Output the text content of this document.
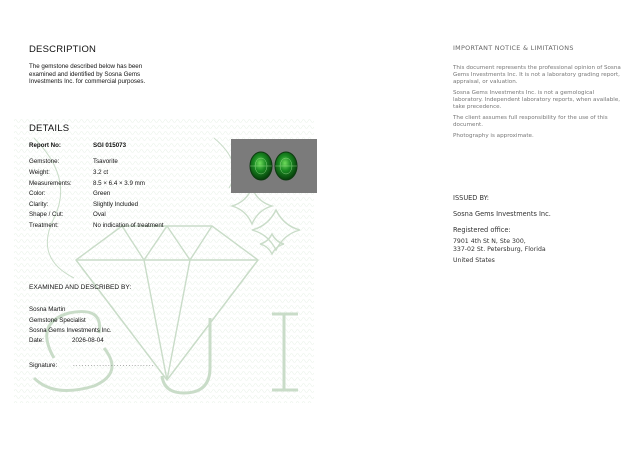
DESCRIPTION
The gemstone described below has been examined and identified by Sosna Gems Investments Inc. for commercial purposes.
DETAILS
Report No:	SGI 015073
Gemstone:	Tsavorite
Weight:	3.2 ct
Measurements:	8.5 × 6.4 × 3.9 mm
Color:	Green
Clarity:	Slightly Included
Shape / Cut:	Oval
Treatment:	No indication of treatment
EXAMINED AND DESCRIBED BY:
Sosna Martin
Gemstone Specialist
Sosna Gems Investments Inc.
Date:	2026-08-04
Signature:	............................
IMPORTANT NOTICE & LIMITATIONS

This document represents the professional opinion of Sosna Gems Investments Inc. It is not a laboratory grading report, appraisal, or valuation.

Sosna Gems Investments Inc. is not a gemological laboratory. Independent laboratory reports, when available, take precedence.

The client assumes full responsibility for the use of this document.

Photography is approximate.

ISSUED BY:
Sosna Gems Investments Inc.
Registered office:
7901 4th St N, Ste 300,
337-02 St. Petersburg, Florida
United States
